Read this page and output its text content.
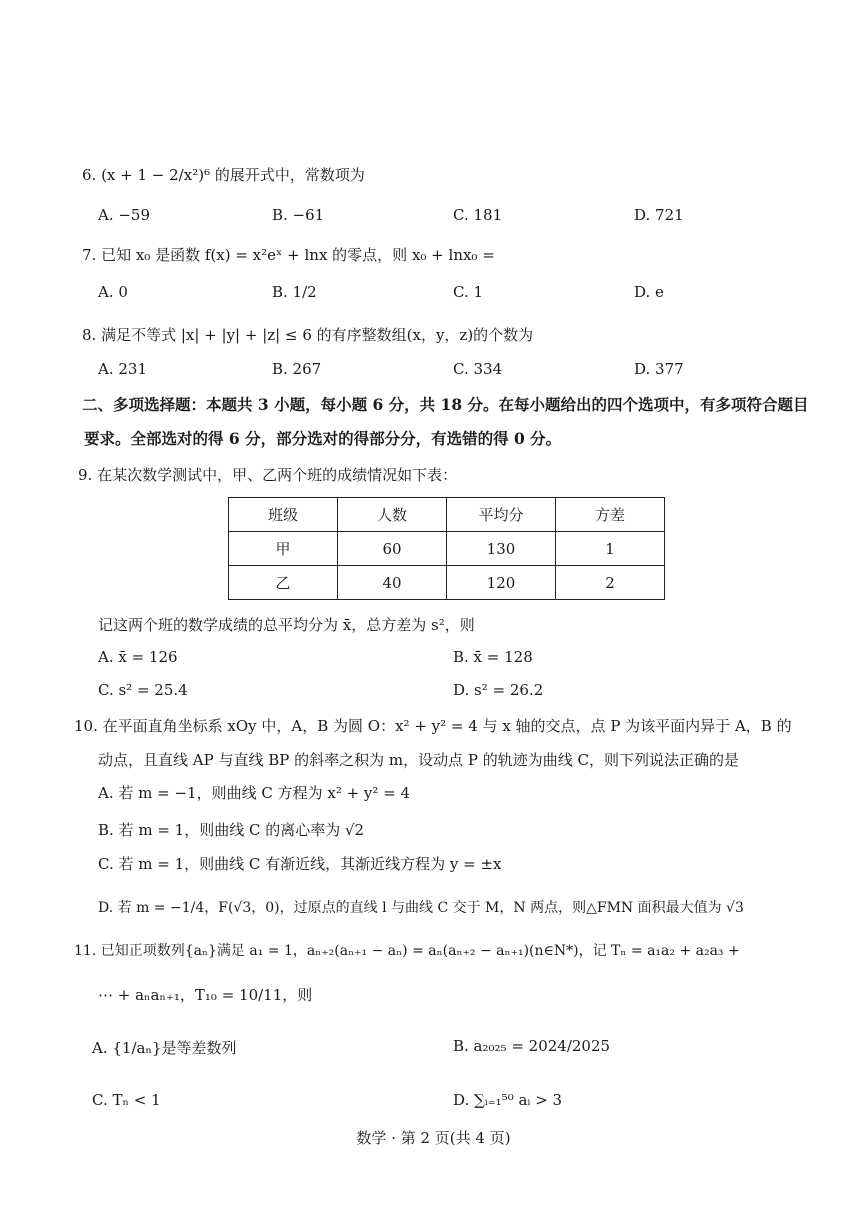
6. (x + 1 − 2/x²)⁶ 的展开式中，常数项为
A. −59	B. −61	C. 181	D. 721
7. 已知 x₀ 是函数 f(x) = x²eˣ + lnx 的零点，则 x₀ + lnx₀ =
A. 0	B. 1/2	C. 1	D. e
8. 满足不等式 |x| + |y| + |z| ≤ 6 的有序整数组(x，y，z)的个数为
A. 231	B. 267	C. 334	D. 377
二、多项选择题：本题共 3 小题，每小题 6 分，共 18 分。在每小题给出的四个选项中，有多项符合题目要求。全部选对的得 6 分，部分选对的得部分分，有选错的得 0 分。
9. 在某次数学测试中，甲、乙两个班的成绩情况如下表：
班级	人数	平均分	方差
甲	60	130	1
乙	40	120	2
记这两个班的数学成绩的总平均分为 x̄，总方差为 s²，则
A. x̄ = 126	B. x̄ = 128
C. s² = 25.4	D. s² = 26.2
10. 在平面直角坐标系 xOy 中，A，B 为圆 O：x² + y² = 4 与 x 轴的交点，点 P 为该平面内异于 A，B 的
动点，且直线 AP 与直线 BP 的斜率之积为 m，设动点 P 的轨迹为曲线 C，则下列说法正确的是
A. 若 m = −1，则曲线 C 方程为 x² + y² = 4
B. 若 m = 1，则曲线 C 的离心率为 √2
C. 若 m = 1，则曲线 C 有渐近线，其渐近线方程为 y = ±x
D. 若 m = −1/4，F(√3，0)，过原点的直线 l 与曲线 C 交于 M，N 两点，则△FMN 面积最大值为 √3
11. 已知正项数列{aₙ}满足 a₁ = 1，aₙ₊₂(aₙ₊₁ − aₙ) = aₙ(aₙ₊₂ − aₙ₊₁)(n∈N*)，记 Tₙ = a₁a₂ + a₂a₃ +
⋯ + aₙaₙ₊₁，T₁₀ = 10/11，则
A. {1/aₙ}是等差数列	B. a₂₀₂₅ = 2024/2025
C. Tₙ < 1	D. ∑ᵢ₌₁⁵⁰ aᵢ > 3
数学 · 第 2 页(共 4 页)
